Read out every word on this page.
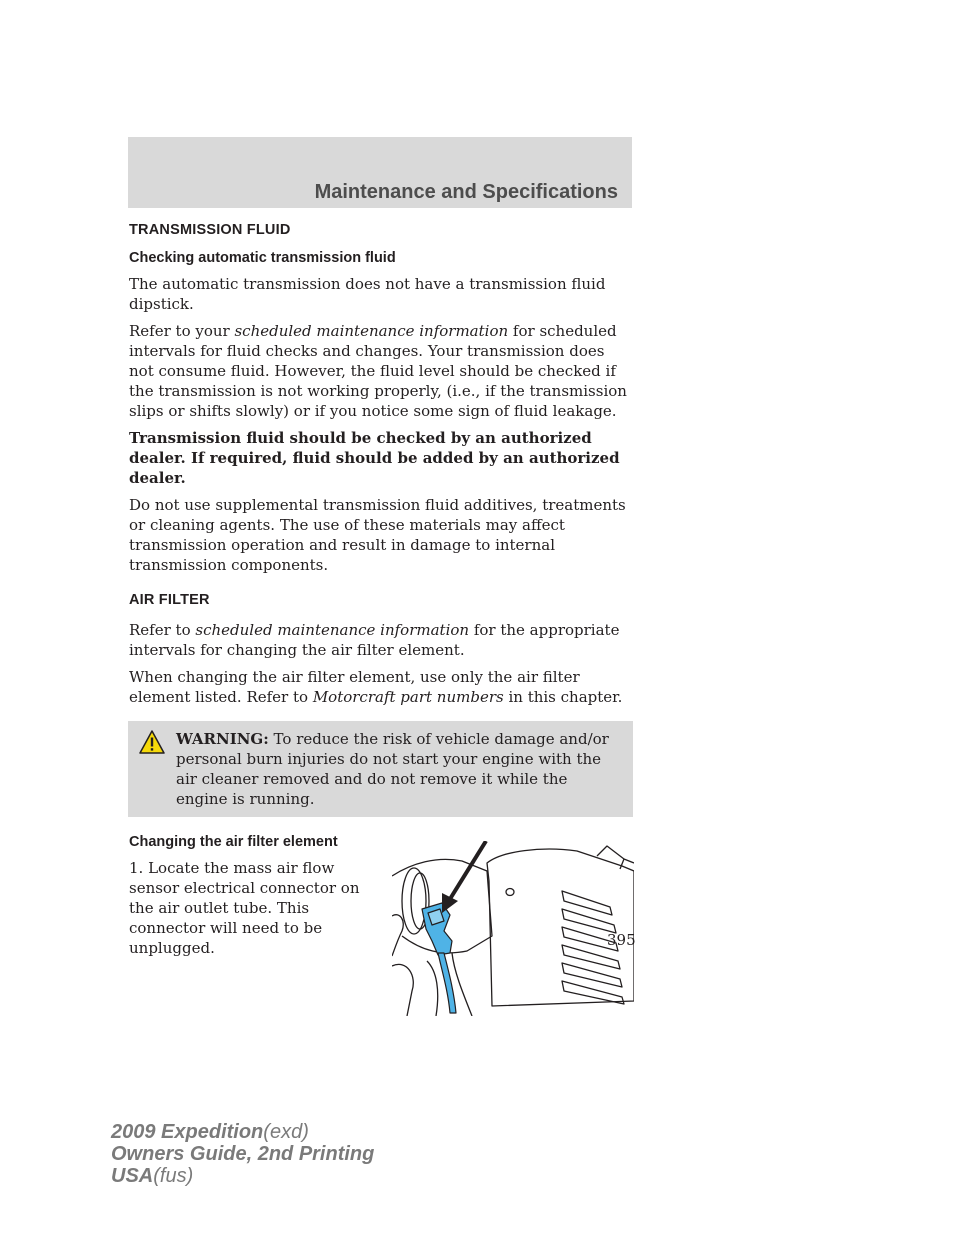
Maintenance and Specifications
TRANSMISSION FLUID
Checking automatic transmission fluid

The automatic transmission does not have a transmission fluid dipstick.

Refer to your scheduled maintenance information for scheduled intervals for fluid checks and changes. Your transmission does not consume fluid. However, the fluid level should be checked if the transmission is not working properly, (i.e., if the transmission slips or shifts slowly) or if you notice some sign of fluid leakage.

Transmission fluid should be checked by an authorized dealer. If required, fluid should be added by an authorized dealer.

Do not use supplemental transmission fluid additives, treatments or cleaning agents. The use of these materials may affect transmission operation and result in damage to internal transmission components.

AIR FILTER

Refer to scheduled maintenance information for the appropriate intervals for changing the air filter element.

When changing the air filter element, use only the air filter element listed. Refer to Motorcraft part numbers in this chapter.

WARNING: To reduce the risk of vehicle damage and/or personal burn injuries do not start your engine with the air cleaner removed and do not remove it while the engine is running.
Changing the air filter element
1. Locate the mass air flow sensor electrical connector on the air outlet tube. This connector will need to be unplugged.	395
2009 Expedition(exd)
Owners Guide, 2nd Printing
USA(fus)
